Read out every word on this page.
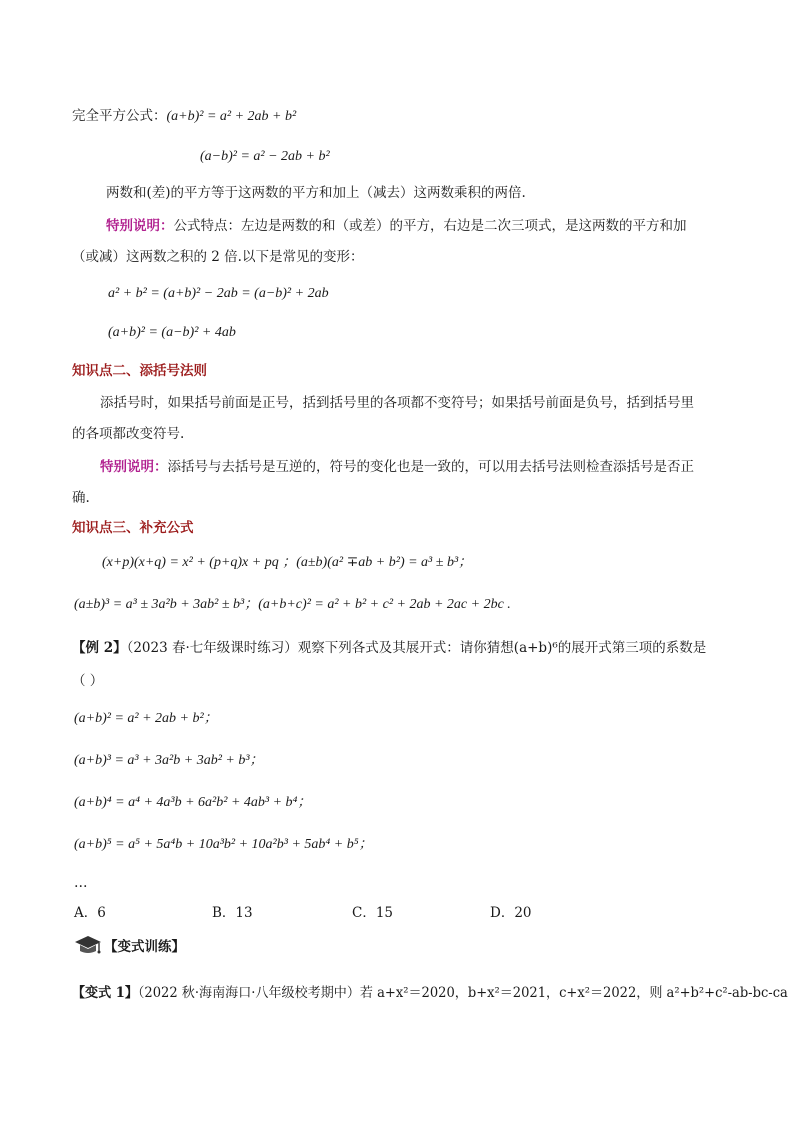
完全平方公式：(a+b)² = a² + 2ab + b²
(a−b)² = a² − 2ab + b²
两数和(差)的平方等于这两数的平方和加上（减去）这两数乘积的两倍.
特别说明：公式特点：左边是两数的和（或差）的平方，右边是二次三项式，是这两数的平方和加
（或减）这两数之积的 2 倍.以下是常见的变形：
a² + b² = (a+b)² − 2ab = (a−b)² + 2ab
(a+b)² = (a−b)² + 4ab
知识点二、添括号法则
添括号时，如果括号前面是正号，括到括号里的各项都不变符号；如果括号前面是负号，括到括号里
的各项都改变符号.
特别说明：添括号与去括号是互逆的，符号的变化也是一致的，可以用去括号法则检查添括号是否正
确.
知识点三、补充公式
(x+p)(x+q) = x² + (p+q)x + pq ；(a±b)(a² ∓ab + b²) = a³ ± b³；
(a±b)³ = a³ ± 3a²b + 3ab² ± b³；(a+b+c)² = a² + b² + c² + 2ab + 2ac + 2bc .
【例 2】（2023 春·七年级课时练习）观察下列各式及其展开式：请你猜想(a+b)⁶的展开式第三项的系数是
（ ）
(a+b)² = a² + 2ab + b²；
(a+b)³ = a³ + 3a²b + 3ab² + b³；
(a+b)⁴ = a⁴ + 4a³b + 6a²b² + 4ab³ + b⁴；
(a+b)⁵ = a⁵ + 5a⁴b + 10a³b² + 10a²b³ + 5ab⁴ + b⁵；
…
A．6	B．13	C．15	D．20
【变式训练】
【变式 1】（2022 秋·海南海口·八年级校考期中）若 a+x²＝2020，b+x²＝2021，c+x²＝2022，则 a²+b²+c²-ab-bc-ca
